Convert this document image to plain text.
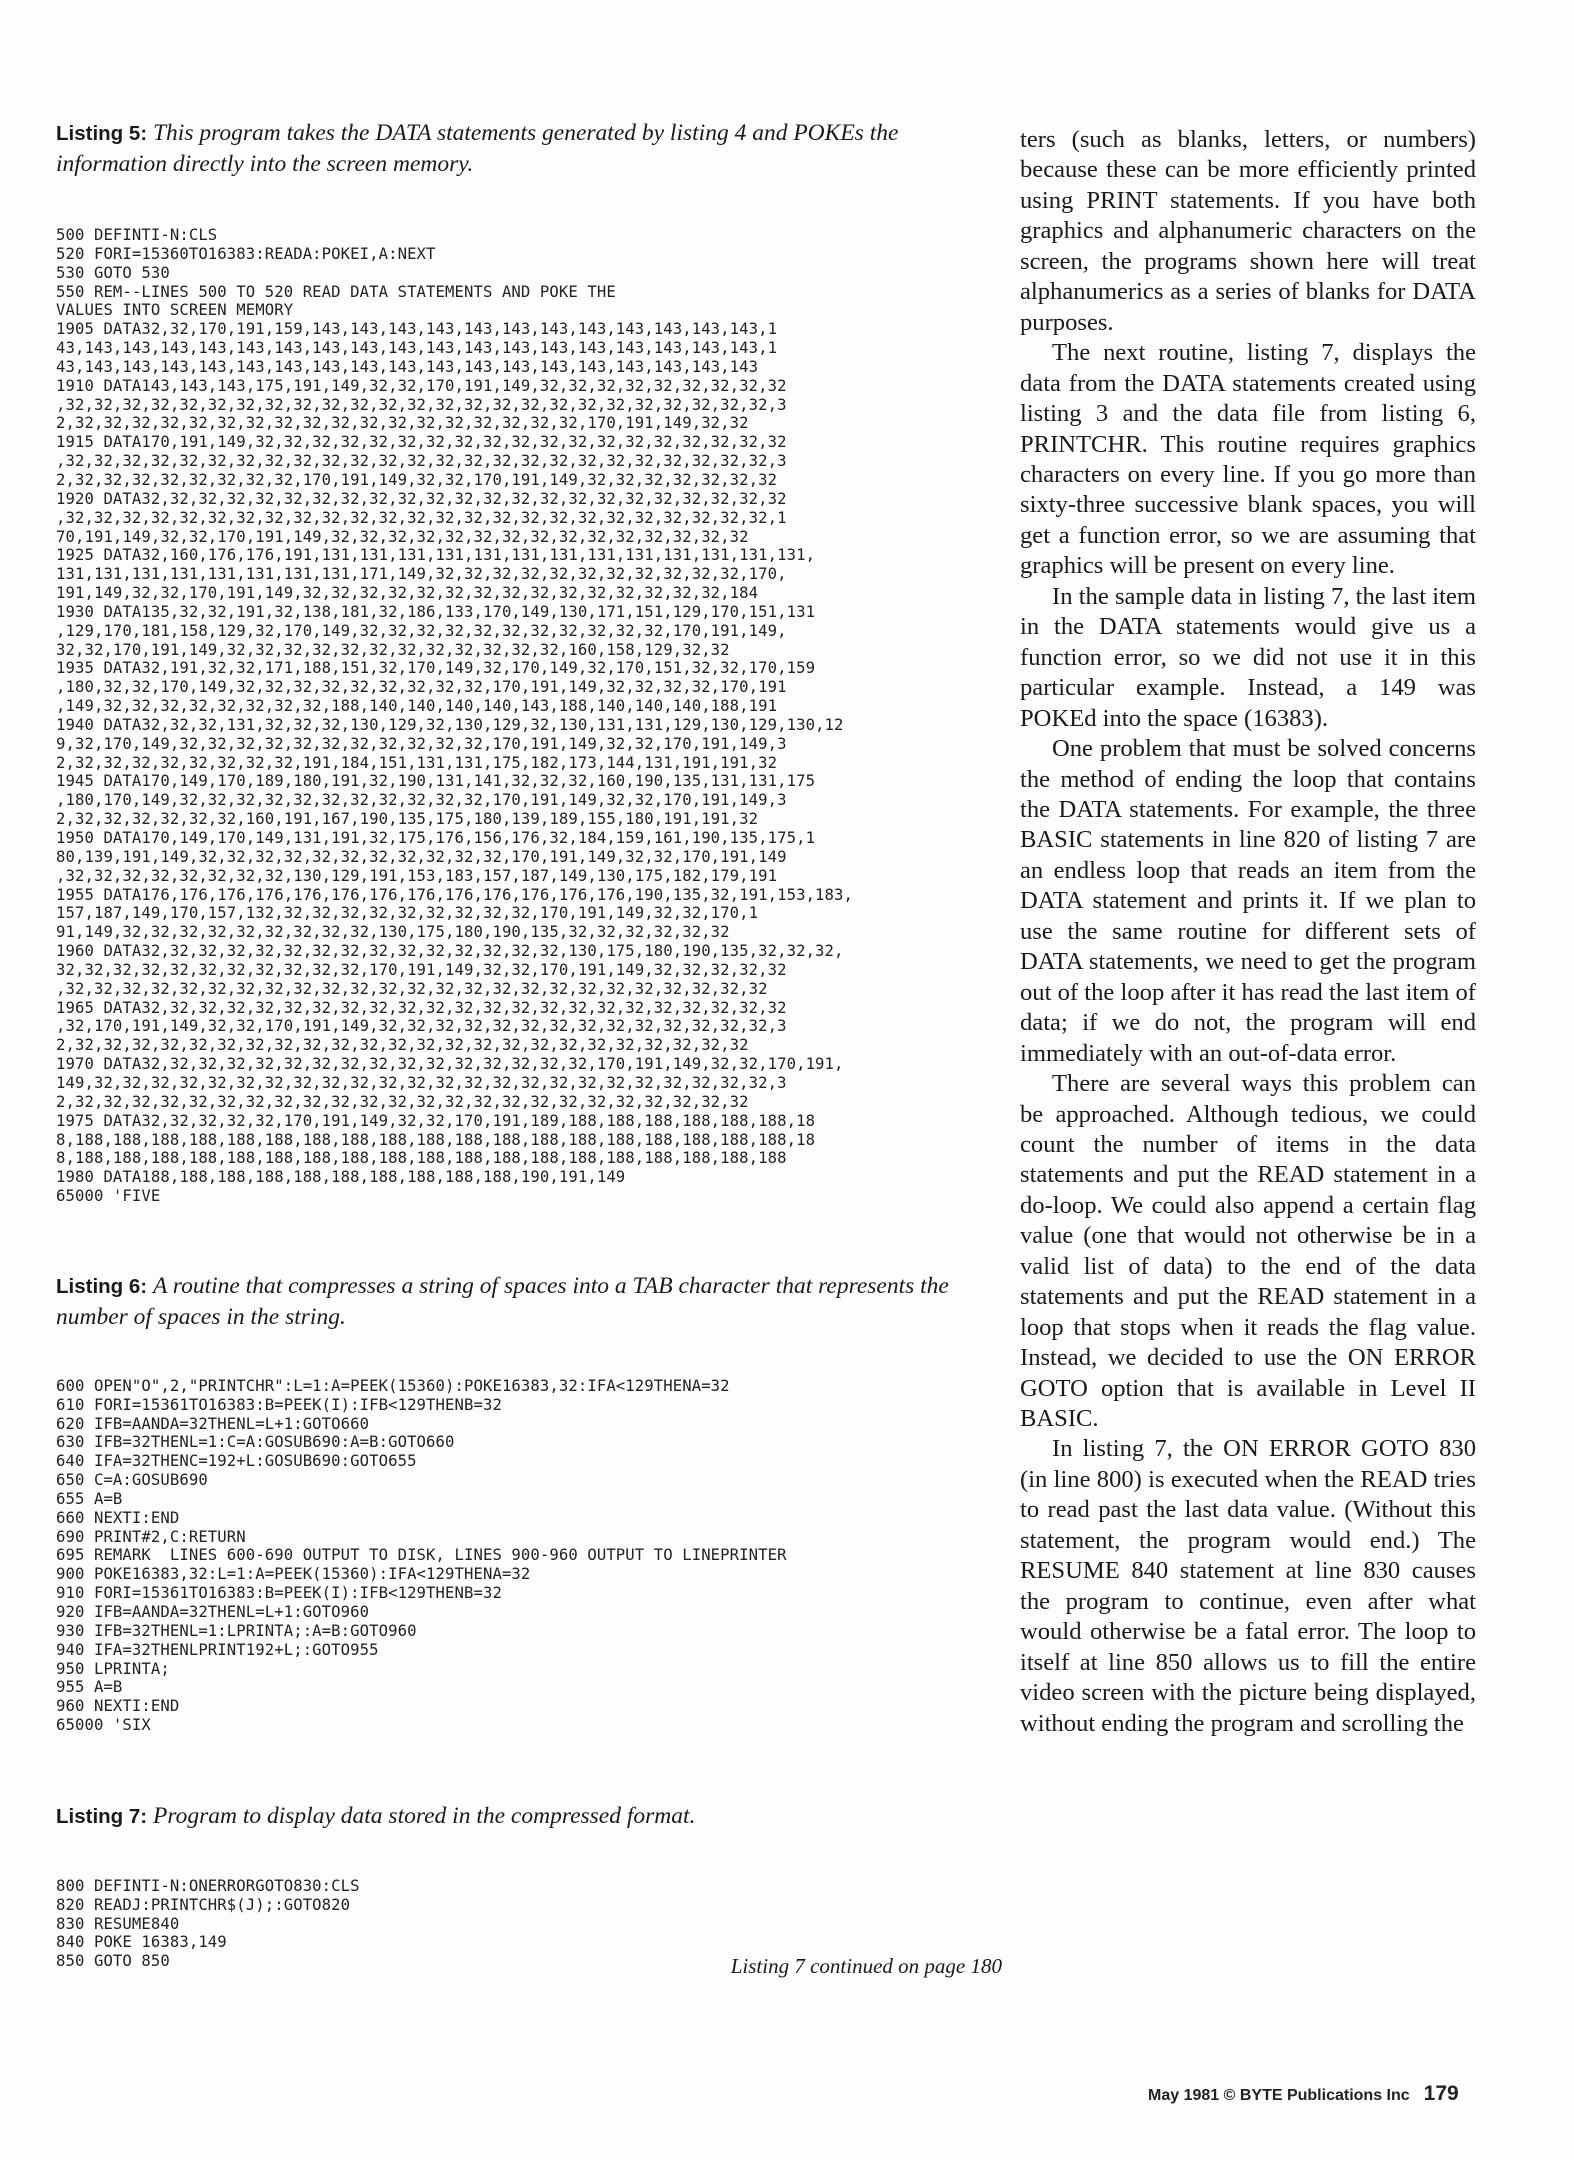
Listing 5: This program takes the DATA statements generated by listing 4 and POKEs the information directly into the screen memory.

500 DEFINTI-N:CLS
520 FORI=15360TO16383:READA:POKEI,A:NEXT
530 GOTO 530
550 REM--LINES 500 TO 520 READ DATA STATEMENTS AND POKE THE
VALUES INTO SCREEN MEMORY
1905 DATA32,32,170,191,159,143,143,143,143,143,143,143,143,143,143,143,143,1
43,143,143,143,143,143,143,143,143,143,143,143,143,143,143,143,143,143,143,1
43,143,143,143,143,143,143,143,143,143,143,143,143,143,143,143,143,143,143
1910 DATA143,143,143,175,191,149,32,32,170,191,149,32,32,32,32,32,32,32,32,32
,32,32,32,32,32,32,32,32,32,32,32,32,32,32,32,32,32,32,32,32,32,32,32,32,32,3
2,32,32,32,32,32,32,32,32,32,32,32,32,32,32,32,32,32,32,170,191,149,32,32
1915 DATA170,191,149,32,32,32,32,32,32,32,32,32,32,32,32,32,32,32,32,32,32,32
,32,32,32,32,32,32,32,32,32,32,32,32,32,32,32,32,32,32,32,32,32,32,32,32,32,3
2,32,32,32,32,32,32,32,32,170,191,149,32,32,170,191,149,32,32,32,32,32,32,32
1920 DATA32,32,32,32,32,32,32,32,32,32,32,32,32,32,32,32,32,32,32,32,32,32,32
,32,32,32,32,32,32,32,32,32,32,32,32,32,32,32,32,32,32,32,32,32,32,32,32,32,1
70,191,149,32,32,170,191,149,32,32,32,32,32,32,32,32,32,32,32,32,32,32,32
1925 DATA32,160,176,176,191,131,131,131,131,131,131,131,131,131,131,131,131,131,
131,131,131,131,131,131,131,131,171,149,32,32,32,32,32,32,32,32,32,32,32,170,
191,149,32,32,170,191,149,32,32,32,32,32,32,32,32,32,32,32,32,32,32,32,184
1930 DATA135,32,32,191,32,138,181,32,186,133,170,149,130,171,151,129,170,151,131
,129,170,181,158,129,32,170,149,32,32,32,32,32,32,32,32,32,32,32,170,191,149,
32,32,170,191,149,32,32,32,32,32,32,32,32,32,32,32,32,160,158,129,32,32
1935 DATA32,191,32,32,171,188,151,32,170,149,32,170,149,32,170,151,32,32,170,159
,180,32,32,170,149,32,32,32,32,32,32,32,32,32,170,191,149,32,32,32,32,170,191
,149,32,32,32,32,32,32,32,32,188,140,140,140,140,143,188,140,140,140,188,191
1940 DATA32,32,32,131,32,32,32,130,129,32,130,129,32,130,131,131,129,130,129,130,12
9,32,170,149,32,32,32,32,32,32,32,32,32,32,32,170,191,149,32,32,170,191,149,3
2,32,32,32,32,32,32,32,32,191,184,151,131,131,175,182,173,144,131,191,191,32
1945 DATA170,149,170,189,180,191,32,190,131,141,32,32,32,160,190,135,131,131,175
,180,170,149,32,32,32,32,32,32,32,32,32,32,32,170,191,149,32,32,170,191,149,3
2,32,32,32,32,32,32,160,191,167,190,135,175,180,139,189,155,180,191,191,32
1950 DATA170,149,170,149,131,191,32,175,176,156,176,32,184,159,161,190,135,175,1
80,139,191,149,32,32,32,32,32,32,32,32,32,32,32,170,191,149,32,32,170,191,149
,32,32,32,32,32,32,32,32,130,129,191,153,183,157,187,149,130,175,182,179,191
1955 DATA176,176,176,176,176,176,176,176,176,176,176,176,176,190,135,32,191,153,183,
157,187,149,170,157,132,32,32,32,32,32,32,32,32,32,170,191,149,32,32,170,1
91,149,32,32,32,32,32,32,32,32,32,130,175,180,190,135,32,32,32,32,32,32
1960 DATA32,32,32,32,32,32,32,32,32,32,32,32,32,32,32,130,175,180,190,135,32,32,32,
32,32,32,32,32,32,32,32,32,32,32,170,191,149,32,32,170,191,149,32,32,32,32,32
,32,32,32,32,32,32,32,32,32,32,32,32,32,32,32,32,32,32,32,32,32,32,32,32,32
1965 DATA32,32,32,32,32,32,32,32,32,32,32,32,32,32,32,32,32,32,32,32,32,32,32
,32,170,191,149,32,32,170,191,149,32,32,32,32,32,32,32,32,32,32,32,32,32,32,3
2,32,32,32,32,32,32,32,32,32,32,32,32,32,32,32,32,32,32,32,32,32,32,32,32
1970 DATA32,32,32,32,32,32,32,32,32,32,32,32,32,32,32,32,170,191,149,32,32,170,191,
149,32,32,32,32,32,32,32,32,32,32,32,32,32,32,32,32,32,32,32,32,32,32,32,32,3
2,32,32,32,32,32,32,32,32,32,32,32,32,32,32,32,32,32,32,32,32,32,32,32,32
1975 DATA32,32,32,32,32,170,191,149,32,32,170,191,189,188,188,188,188,188,188,18
8,188,188,188,188,188,188,188,188,188,188,188,188,188,188,188,188,188,188,188,18
8,188,188,188,188,188,188,188,188,188,188,188,188,188,188,188,188,188,188,188
1980 DATA188,188,188,188,188,188,188,188,188,188,190,191,149
65000 'FIVE

Listing 6: A routine that compresses a string of spaces into a TAB character that represents the number of spaces in the string.

600 OPEN"O",2,"PRINTCHR":L=1:A=PEEK(15360):POKE16383,32:IFA<129THENA=32
610 FORI=15361TO16383:B=PEEK(I):IFB<129THENB=32
620 IFB=AANDA=32THENL=L+1:GOTO660
630 IFB=32THENL=1:C=A:GOSUB690:A=B:GOTO660
640 IFA=32THENC=192+L:GOSUB690:GOTO655
650 C=A:GOSUB690
655 A=B
660 NEXTI:END
690 PRINT#2,C:RETURN
695 REMARK  LINES 600-690 OUTPUT TO DISK, LINES 900-960 OUTPUT TO LINEPRINTER
900 POKE16383,32:L=1:A=PEEK(15360):IFA<129THENA=32
910 FORI=15361TO16383:B=PEEK(I):IFB<129THENB=32
920 IFB=AANDA=32THENL=L+1:GOTO960
930 IFB=32THENL=1:LPRINTA;:A=B:GOTO960
940 IFA=32THENLPRINT192+L;:GOTO955
950 LPRINTA;
955 A=B
960 NEXTI:END
65000 'SIX

Listing 7: Program to display data stored in the compressed format.

800 DEFINTI-N:ONERRORGOTO830:CLS
820 READJ:PRINTCHR$(J);:GOTO820
830 RESUME840
840 POKE 16383,149
850 GOTO 850	Listing 7 continued on page 180

ters (such as blanks, letters, or numbers) because these can be more efficiently printed using PRINT statements. If you have both graphics and alphanumeric characters on the screen, the programs shown here will treat alphanumerics as a series of blanks for DATA purposes.

The next routine, listing 7, displays the data from the DATA statements created using listing 3 and the data file from listing 6, PRINTCHR. This routine requires graphics characters on every line. If you go more than sixty-three successive blank spaces, you will get a function error, so we are assuming that graphics will be present on every line.

In the sample data in listing 7, the last item in the DATA statements would give us a function error, so we did not use it in this particular example. Instead, a 149 was POKEd into the space (16383).

One problem that must be solved concerns the method of ending the loop that contains the DATA statements. For example, the three BASIC statements in line 820 of listing 7 are an endless loop that reads an item from the DATA statement and prints it. If we plan to use the same routine for different sets of DATA statements, we need to get the program out of the loop after it has read the last item of data; if we do not, the program will end immediately with an out-of-data error.

There are several ways this problem can be approached. Although tedious, we could count the number of items in the data statements and put the READ statement in a do-loop. We could also append a certain flag value (one that would not otherwise be in a valid list of data) to the end of the data statements and put the READ statement in a loop that stops when it reads the flag value. Instead, we decided to use the ON ERROR GOTO option that is available in Level II BASIC.

In listing 7, the ON ERROR GOTO 830 (in line 800) is executed when the READ tries to read past the last data value. (Without this statement, the program would end.) The RESUME 840 statement at line 830 causes the program to continue, even after what would otherwise be a fatal error. The loop to itself at line 850 allows us to fill the entire video screen with the picture being displayed, without ending the program and scrolling the

May 1981 © BYTE Publications Inc 179
